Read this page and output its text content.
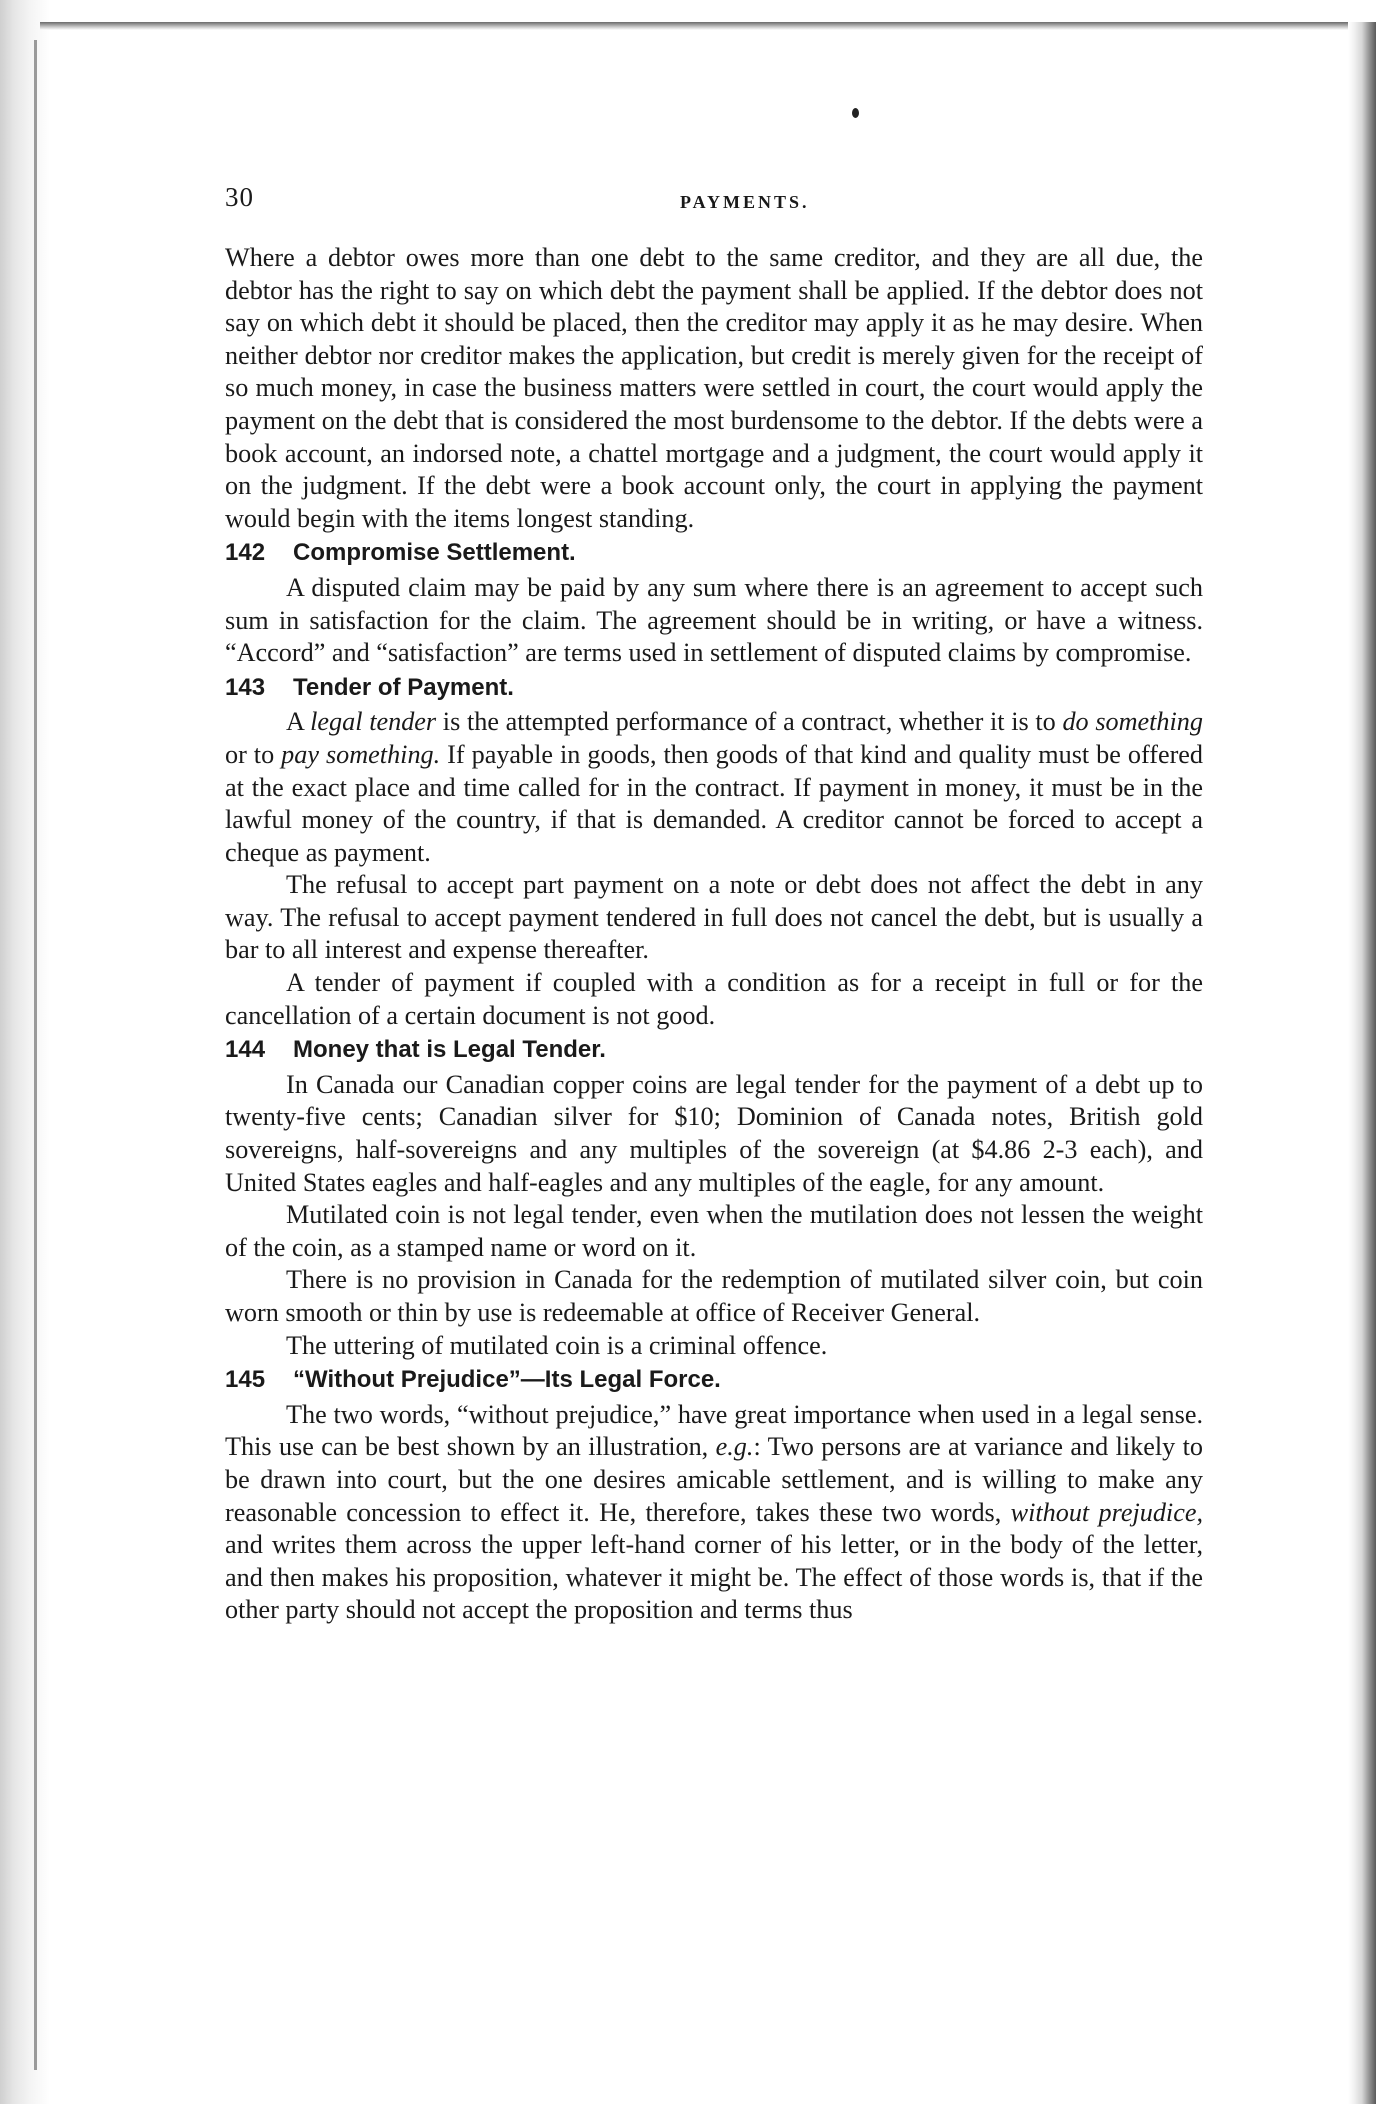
30	PAYMENTS.

Where a debtor owes more than one debt to the same creditor, and they are all due, the debtor has the right to say on which debt the payment shall be applied. If the debtor does not say on which debt it should be placed, then the creditor may apply it as he may desire. When neither debtor nor creditor makes the application, but credit is merely given for the receipt of so much money, in case the business matters were settled in court, the court would apply the payment on the debt that is considered the most burdensome to the debtor. If the debts were a book account, an indorsed note, a chattel mortgage and a judgment, the court would apply it on the judgment. If the debt were a book account only, the court in applying the payment would begin with the items longest standing.

142 Compromise Settlement.

A disputed claim may be paid by any sum where there is an agreement to accept such sum in satisfaction for the claim. The agreement should be in writing, or have a witness. “Accord” and “satisfaction” are terms used in settlement of disputed claims by compromise.

143 Tender of Payment.

A legal tender is the attempted performance of a contract, whether it is to do something or to pay something. If payable in goods, then goods of that kind and quality must be offered at the exact place and time called for in the contract. If payment in money, it must be in the lawful money of the country, if that is demanded. A creditor cannot be forced to accept a cheque as payment.

The refusal to accept part payment on a note or debt does not affect the debt in any way. The refusal to accept payment tendered in full does not cancel the debt, but is usually a bar to all interest and expense thereafter.

A tender of payment if coupled with a condition as for a receipt in full or for the cancellation of a certain document is not good.

144 Money that is Legal Tender.

In Canada our Canadian copper coins are legal tender for the payment of a debt up to twenty-five cents; Canadian silver for $10; Dominion of Canada notes, British gold sovereigns, half-sovereigns and any multiples of the sovereign (at $4.86 2-3 each), and United States eagles and half-eagles and any multiples of the eagle, for any amount.

Mutilated coin is not legal tender, even when the mutilation does not lessen the weight of the coin, as a stamped name or word on it.

There is no provision in Canada for the redemption of mutilated silver coin, but coin worn smooth or thin by use is redeemable at office of Receiver General.

The uttering of mutilated coin is a criminal offence.

145 “Without Prejudice”—Its Legal Force.

The two words, “without prejudice,” have great importance when used in a legal sense. This use can be best shown by an illustration, e.g.: Two persons are at variance and likely to be drawn into court, but the one desires amicable settlement, and is willing to make any reasonable concession to effect it. He, therefore, takes these two words, without prejudice, and writes them across the upper left-hand corner of his letter, or in the body of the letter, and then makes his proposition, whatever it might be. The effect of those words is, that if the other party should not accept the proposition and terms thus
